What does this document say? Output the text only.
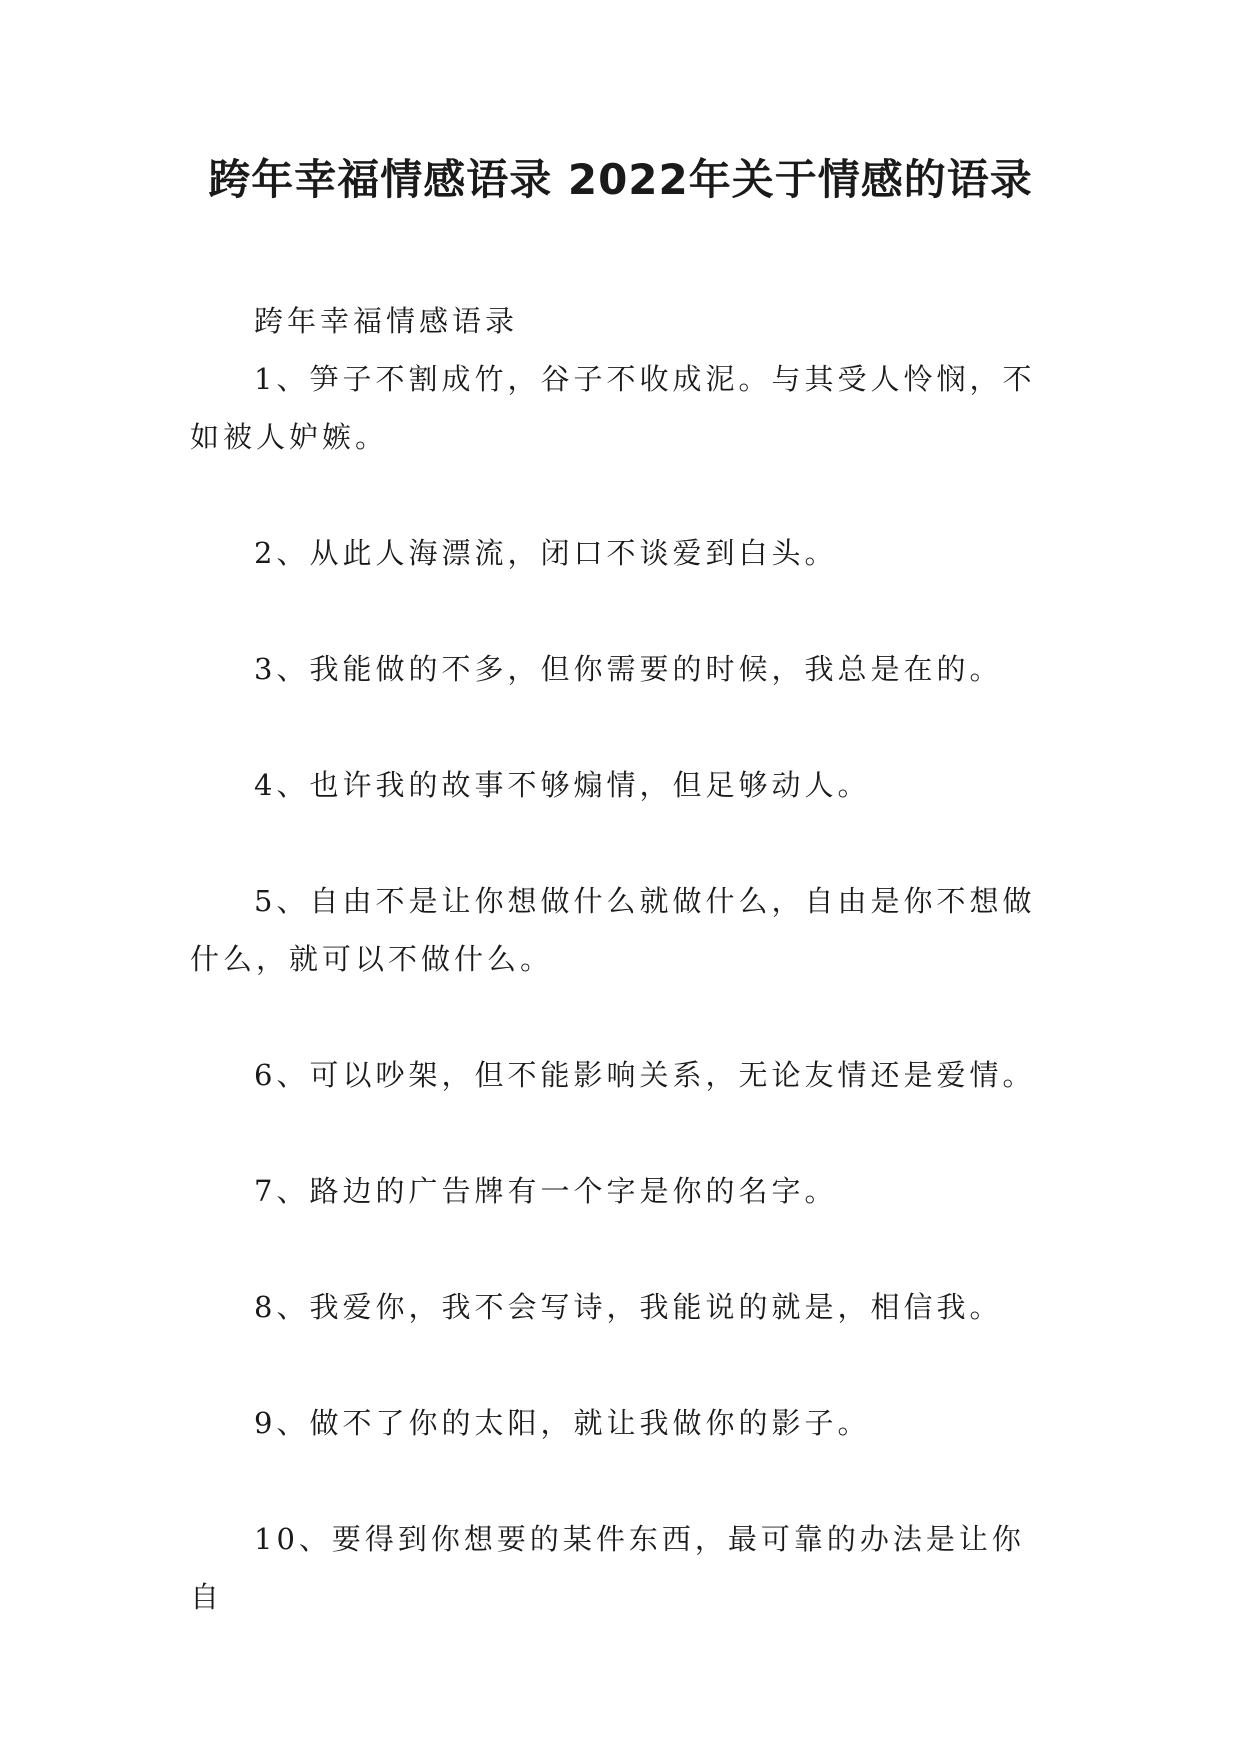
跨年幸福情感语录 2022年关于情感的语录

跨年幸福情感语录

1、笋子不割成竹，谷子不收成泥。与其受人怜悯，不如被人妒嫉。

2、从此人海漂流，闭口不谈爱到白头。

3、我能做的不多，但你需要的时候，我总是在的。

4、也许我的故事不够煽情，但足够动人。

5、自由不是让你想做什么就做什么，自由是你不想做什么，就可以不做什么。

6、可以吵架，但不能影响关系，无论友情还是爱情。

7、路边的广告牌有一个字是你的名字。

8、我爱你，我不会写诗，我能说的就是，相信我。

9、做不了你的太阳，就让我做你的影子。

10、要得到你想要的某件东西，最可靠的办法是让你自
